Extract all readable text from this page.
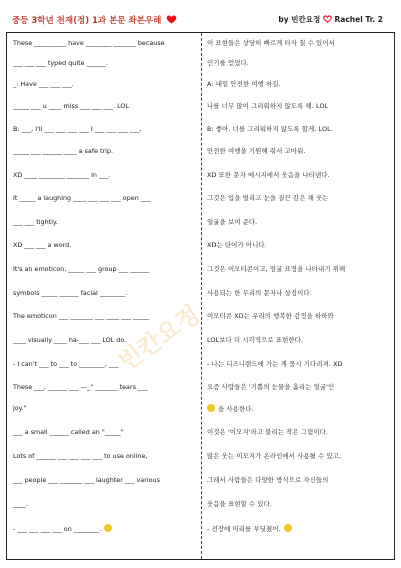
중등 3학년 천재(정) 1과 본문 좌본우해	by 빈칸요정 Rachel Tr. 2
빈칸요정
These __________ have ________ _______ because
___ ___ ___ typed quite ______.
_: Have ___ ___ ___.
_____ ___ u ____ miss ___ ___ ___. LOL
B: ___, I'll ___ ___ ___ ___ I ___ ___ ___ ___,
_____ ___ ______ ____ a safe trip.
XD ____ ________ _______ in ___.
It _____ a laughing ____ ___ ___ ___ open ___
___ ___ tightly.
XD ___ ___ a word.
It's an emoticon, _____ ___ group ___ ______
symbols _____ ______ facial ________.
The emoticon ___ _______ ___ ____ ___ _____
____ visually ____ ha-___ ___ LOL do.
- I can't ___ to ___ to ________, ___
These ___, ______ ___ —_" _______ tears ___
joy."
___ a small ______ called an "_____"
Lots of ______ ___ ___ ___ ___ to use online,
___ people ___ _______ ___ laughter ___ various
____.
- ___ ___ ___ ___ on ________.
이 표현들은 상당히 빠르게 타자 칠 수 있어서
인기를 얻었다.
A: 내일 안전한 여행 하길.
나를 너무 많이 그리워하지 않도록 해. LOL
B: 좋아. 너를 그리워하지 않도록 할게. LOL.
안전한 여행을 기원해 줘서 고마워.
XD 또한 문자 메시지에서 웃음을 나타낸다.
그것은 입을 벌리고 눈을 질끈 감은 채 웃는
얼굴을 보여 준다.
XD는 단어가 아니다.
그것은 이모티콘이고, 얼굴 표정을 나타내기 위해
사용되는 한 무리의 문자나 상징이다.
이모티콘 XD는 우리의 행복한 감정을 하하와
LOL보다 더 시각적으로 표현한다.
- 나는 디즈니랜드에 가는 게 몹시 기다려져. XD
요즘 사람들은 '기쁨의 눈물을 흘리는 얼굴'인
을 사용한다.
이것은 '이모지'라고 불리는 작은 그림이다.
많은 웃는 이모지가 온라인에서 사용될 수 있고,
그래서 사람들은 다양한 방식으로 자신들의
웃음을 표현할 수 있다.
- 전장에 머리를 부딪쳤어.
